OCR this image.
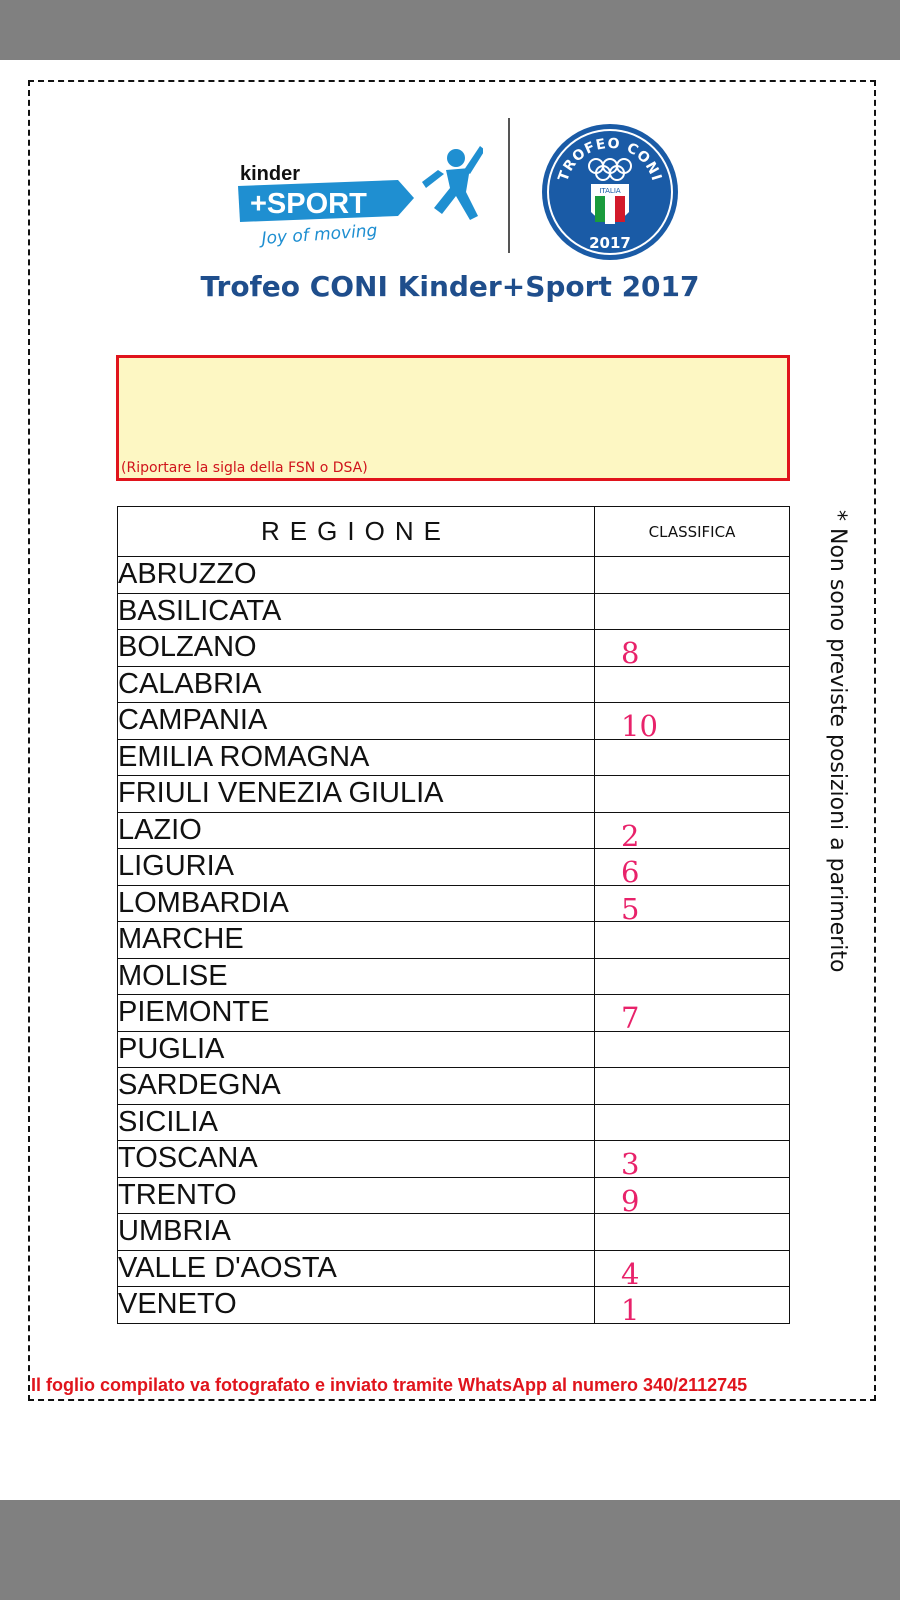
kinder
+SPORT
Joy of moving
TROFEO CONI
ITALIA
2017
Trofeo CONI Kinder+Sport 2017
(Riportare la sigla della FSN o DSA)
REGIONE	CLASSIFICA
ABRUZZO	

BASILICATA	

BOLZANO	8

CALABRIA	

CAMPANIA	10

EMILIA ROMAGNA	

FRIULI VENEZIA GIULIA	

LAZIO	2

LIGURIA	6

LOMBARDIA	5

MARCHE	

MOLISE	

PIEMONTE	7

PUGLIA	

SARDEGNA	

SICILIA	

TOSCANA	3

TRENTO	9

UMBRIA	

VALLE D'AOSTA	4

VENETO	1
* Non sono previste posizioni a parimerito
Il foglio compilato va fotografato e inviato tramite WhatsApp al numero 340/2112745
